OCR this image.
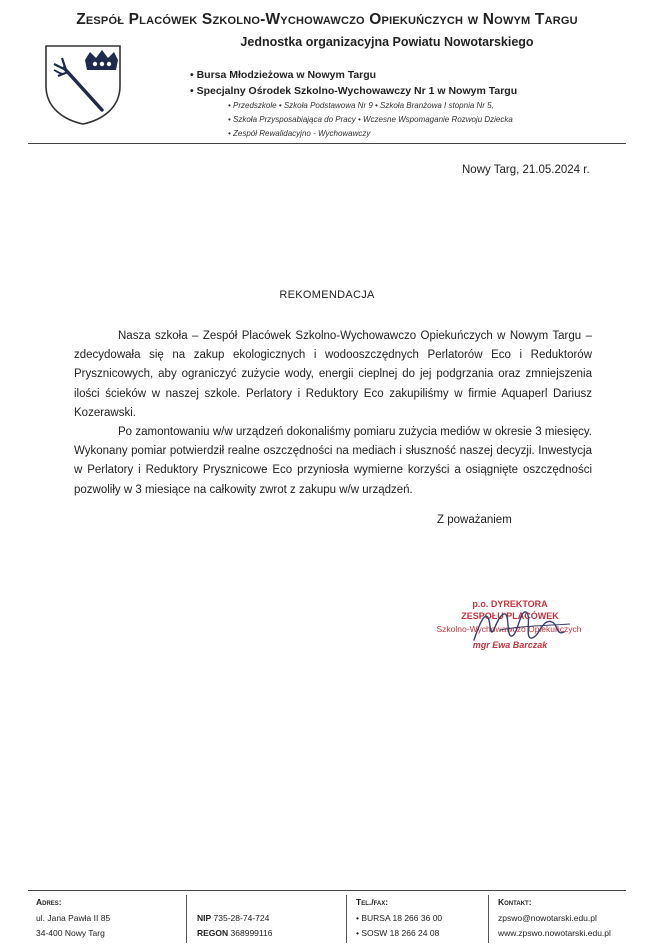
Zespół Placówek Szkolno-Wychowawczo Opiekuńczych w Nowym Targu
Jednostka organizacyjna Powiatu Nowotarskiego
• Bursa Młodzieżowa w Nowym Targu
• Specjalny Ośrodek Szkolno-Wychowawczy Nr 1 w Nowym Targu
• Przedszkole • Szkoła Podstawowa Nr 9 • Szkoła Branżowa I stopnia Nr 5,
• Szkoła Przysposabiająca do Pracy • Wczesne Wspomaganie Rozwoju Dziecka
• Zespół Rewalidacyjno - Wychowawczy
Nowy Targ, 21.05.2024 r.
REKOMENDACJA

Nasza szkoła – Zespół Placówek Szkolno-Wychowawczo Opiekuńczych w Nowym Targu – zdecydowała się na zakup ekologicznych i wodooszczędnych Perlatorów Eco i Reduktorów Prysznicowych, aby ograniczyć zużycie wody, energii cieplnej do jej podgrzania oraz zmniejszenia ilości ścieków w naszej szkole. Perlatory i Reduktory Eco zakupiliśmy w firmie Aquaperl Dariusz Kozerawski.

Po zamontowaniu w/w urządzeń dokonaliśmy pomiaru zużycia mediów w okresie 3 miesięcy. Wykonany pomiar potwierdził realne oszczędności na mediach i słuszność naszej decyzji. Inwestycja w Perlatory i Reduktory Prysznicowe Eco przyniosła wymierne korzyści a osiągnięte oszczędności pozwoliły w 3 miesiące na całkowity zwrot z zakupu w/w urządzeń.

Z poważaniem
p.o. DYREKTORA
ZESPOŁU PLACÓWEK
Szkolno-Wychowawczo Opiekuńczych
mgr Ewa Barczak
Adres:
ul. Jana Pawła II 85
34-400 Nowy Targ
NIP 735-28-74-724
REGON 368999116
Tel./fax:
• BURSA 18 266 36 00
• SOSW 18 266 24 08
Kontakt:
zpswo@nowotarski.edu.pl
www.zpswo.nowotarski.edu.pl
